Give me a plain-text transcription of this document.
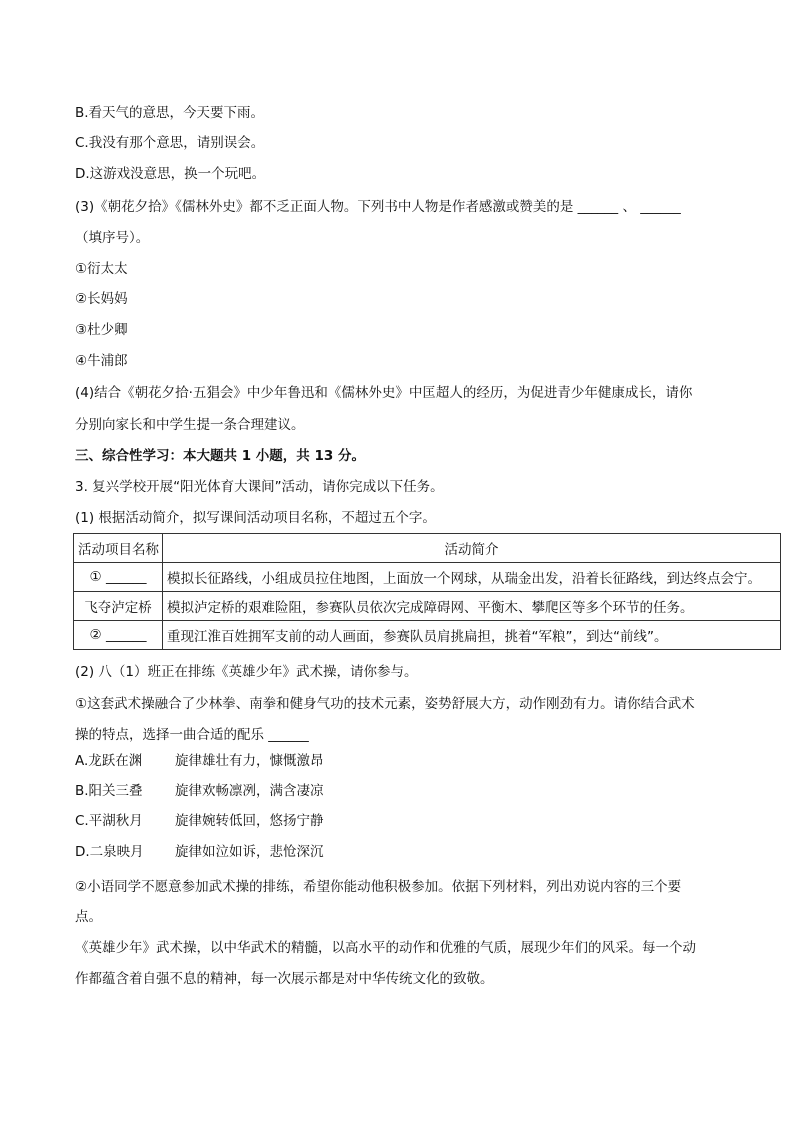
B.看天气的意思，今天要下雨。
C.我没有那个意思，请别误会。
D.这游戏没意思，换一个玩吧。
(3)《朝花夕拾》《儒林外史》都不乏正面人物。下列书中人物是作者感激或赞美的是 ______ 、 ______
（填序号）。
①衍太太
②长妈妈
③杜少卿
④牛浦郎
(4)结合《朝花夕拾·五猖会》中少年鲁迅和《儒林外史》中匡超人的经历，为促进青少年健康成长，请你
分别向家长和中学生提一条合理建议。
三、综合性学习：本大题共 1 小题，共 13 分。
3. 复兴学校开展“阳光体育大课间”活动，请你完成以下任务。
(1) 根据活动简介，拟写课间活动项目名称，不超过五个字。
活动项目名称	活动简介
① ______	模拟长征路线，小组成员拉住地图，上面放一个网球，从瑞金出发，沿着长征路线，到达终点会宁。
飞夺泸定桥	模拟泸定桥的艰难险阻，参赛队员依次完成障碍网、平衡木、攀爬区等多个环节的任务。
② ______	重现江淮百姓拥军支前的动人画面，参赛队员肩挑扁担，挑着“军粮”，到达“前线”。
(2) 八（1）班正在排练《英雄少年》武术操，请你参与。
①这套武术操融合了少林拳、南拳和健身气功的技术元素，姿势舒展大方，动作刚劲有力。请你结合武术
操的特点，选择一曲合适的配乐 ______
A.龙跃在渊 旋律雄壮有力，慷慨激昂
B.阳关三叠 旋律欢畅凛冽，满含凄凉
C.平湖秋月 旋律婉转低回，悠扬宁静
D.二泉映月 旋律如泣如诉，悲怆深沉
②小语同学不愿意参加武术操的排练，希望你能动他积极参加。依据下列材料，列出劝说内容的三个要
点。
《英雄少年》武术操，以中华武术的精髓，以高水平的动作和优雅的气质，展现少年们的风采。每一个动
作都蕴含着自强不息的精神，每一次展示都是对中华传统文化的致敬。
